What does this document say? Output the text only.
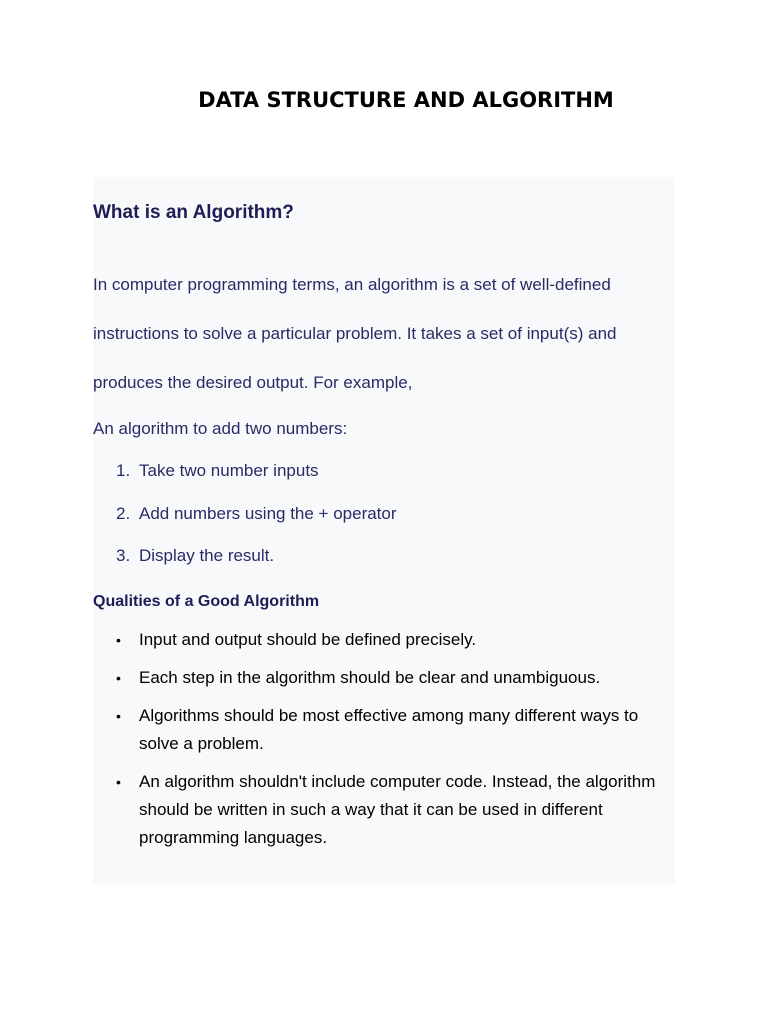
DATA STRUCTURE AND ALGORITHM
What is an Algorithm?

In computer programming terms, an algorithm is a set of well-defined

instructions to solve a particular problem. It takes a set of input(s) and

produces the desired output. For example,

An algorithm to add two numbers:

1. Take two number inputs
2. Add numbers using the + operator
3. Display the result.
Qualities of a Good Algorithm
•	Input and output should be defined precisely.
•	Each step in the algorithm should be clear and unambiguous.
•	Algorithms should be most effective among many different ways to solve a problem.
•	An algorithm shouldn't include computer code. Instead, the algorithm should be written in such a way that it can be used in different programming languages.
